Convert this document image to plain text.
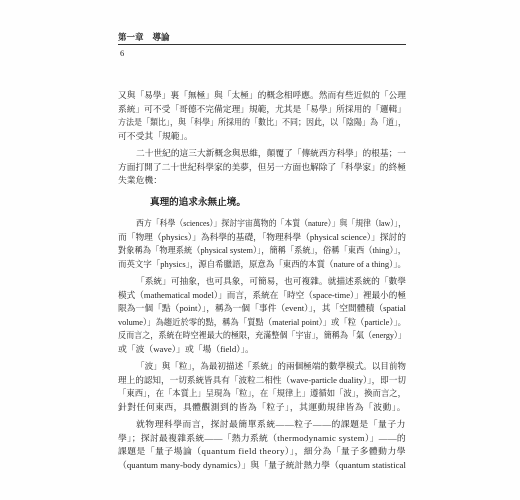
第一章 導論
6
又與「易學」裏「無極」與「太極」的概念相呼應。然而有些近似的「公理
系統」可不受「哥德不完備定理」規範，尤其是「易學」所採用的「邏輯」
方法是「類比」，與「科學」所採用的「數比」不同；因此，以「陰陽」為「道」，
可不受其「規範」。
二十世紀的這三大新概念與思維，顛覆了「傳統西方科學」的根基；一
方面打開了二十世紀科學家的美夢，但另一方面也解除了「科學家」的終極
失業危機：
真理的追求永無止境。
西方「科學（sciences）」探討宇宙萬物的「本質（nature）」與「規律（law）」，
而「物理（physics）」為科學的基礎，「物理科學（physical science）」探討的
對象稱為「物理系統（physical system）」，簡稱「系統」，俗稱「東西（thing）」，
而英文字「physics」，源自希臘語，原意為「東西的本質（nature of a thing）」。
「系統」可抽象，也可具象，可簡易，也可複雜。就描述系統的「數學
模式（mathematical model）」而言，系統在「時空（space-time）」裡最小的極
限為一個「點（point）」，稱為一個「事件（event）」，其「空間體積（spatial
volume）」為趨近於零的點，稱為「質點（material point）」或「粒（particle）」。
反而言之，系統在時空裡最大的極限，充滿整個「宇宙」，簡稱為「氣（energy）」
或「波（wave）」或「場（field）」。
「波」與「粒」，為最初描述「系統」的兩個極端的數學模式。以目前物
理上的認知，一切系統皆具有「波粒二相性（wave-particle duality）」，即一切
「東西」，在「本質上」呈現為「粒」，在「規律上」遵循如「波」，換而言之，
針對任何東西，具體觀測到的皆為「粒子」，其運動規律皆為「波動」。
就物理科學而言，探討最簡單系統——粒子——的課題是「量子力
學」；探討最複雜系統——「熱力系統（thermodynamic system）」——的
課題是「量子場論（quantum field theory）」，細分為「量子多體動力學
（quantum many-body dynamics）」與「量子統計熱力學（quantum statistical
